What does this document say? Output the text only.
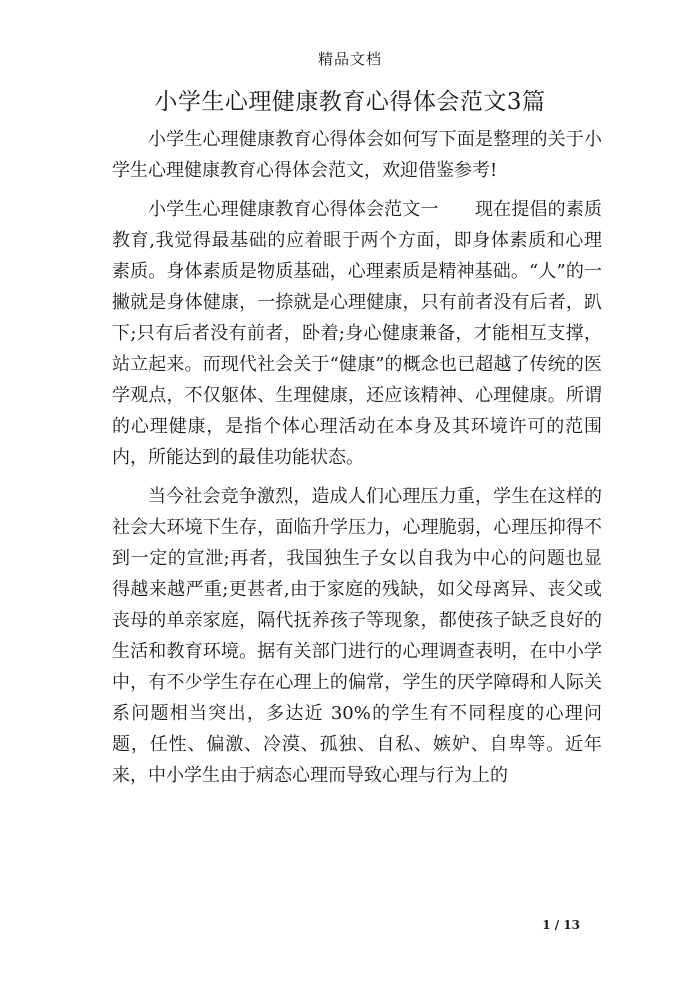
精品文档
小学生心理健康教育心得体会范文3篇

小学生心理健康教育心得体会如何写下面是整理的关于小学生心理健康教育心得体会范文，欢迎借鉴参考!

小学生心理健康教育心得体会范文一　　现在提倡的素质教育,我觉得最基础的应着眼于两个方面，即身体素质和心理素质。身体素质是物质基础，心理素质是精神基础。“人”的一撇就是身体健康，一捺就是心理健康，只有前者没有后者，趴下;只有后者没有前者，卧着;身心健康兼备，才能相互支撑，站立起来。而现代社会关于“健康”的概念也已超越了传统的医学观点，不仅躯体、生理健康，还应该精神、心理健康。所谓的心理健康，是指个体心理活动在本身及其环境许可的范围内，所能达到的最佳功能状态。

当今社会竞争激烈，造成人们心理压力重，学生在这样的社会大环境下生存，面临升学压力，心理脆弱，心理压抑得不到一定的宣泄;再者，我国独生子女以自我为中心的问题也显得越来越严重;更甚者,由于家庭的残缺，如父母离异、丧父或丧母的单亲家庭，隔代抚养孩子等现象，都使孩子缺乏良好的生活和教育环境。据有关部门进行的心理调查表明，在中小学中，有不少学生存在心理上的偏常，学生的厌学障碍和人际关系问题相当突出，多达近 30%的学生有不同程度的心理问题，任性、偏激、冷漠、孤独、自私、嫉妒、自卑等。近年来，中小学生由于病态心理而导致心理与行为上的

1 / 13
